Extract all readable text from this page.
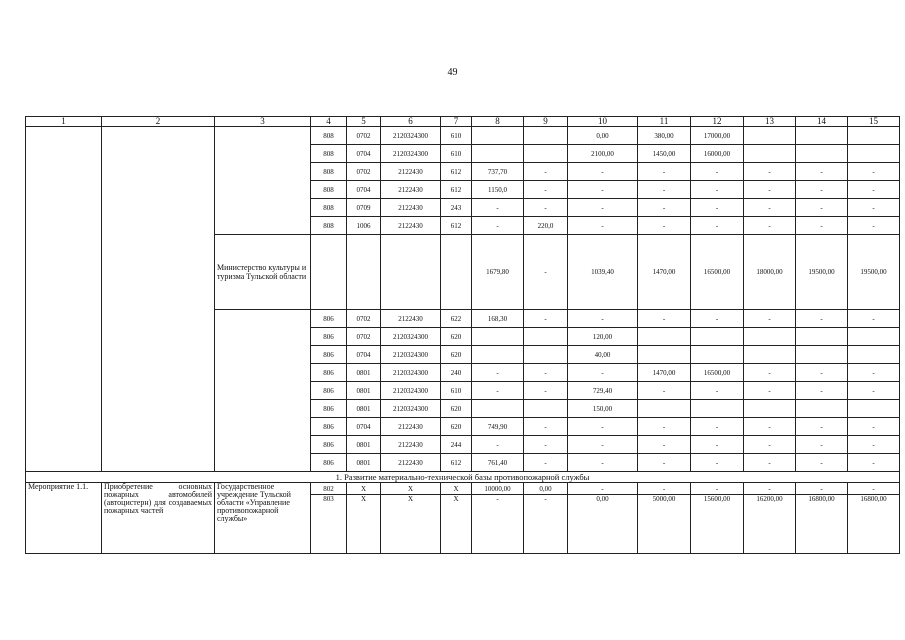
49
1	2	3	4	5	6	7	8	9	10	11	12	13	14	15
			808	0702	2120324300	610			0,00	380,00	17000,00			
			808	0704	2120324300	610			2100,00	1450,00	16000,00			
			808	0702	2122430	612	737,70	-	-	-	-	-	-	-
			808	0704	2122430	612	1150,0	-	-	-	-	-	-	-
			808	0709	2122430	243	-	-	-	-	-	-	-	-
			808	1006	2122430	612	-	220,0	-	-	-	-	-	-
		Министерство культуры и туризма Тульской области					1679,80	-	1039,40	1470,00	16500,00	18000,00	19500,00	19500,00
			806	0702	2122430	622	168,30	-	-	-	-	-	-	-
			806	0702	2120324300	620			120,00					
			806	0704	2120324300	620			40,00					
			806	0801	2120324300	240	-	-	-	1470,00	16500,00	-	-	-
			806	0801	2120324300	610	-	-	729,40	-	-	-	-	-
			806	0801	2120324300	620			150,00					
			806	0704	2122430	620	749,90	-	-	-	-	-	-	-
			806	0801	2122430	244	-	-	-	-	-	-	-	-
			806	0801	2122430	612	761,40	-	-	-	-	-	-	-
1. Развитие материально-технической базы противопожарной службы														
Мероприятие 1.1.	Приобретение основных пожарных автомобилей (автоцистерн) для создаваемых пожарных частей	Государственное учреждение Тульской области «Управление противопожарной службы»	802	X	X	X	10000,00	0,00	-	-	-	-	-	-
			803	X	X	X	-	-	0,00	5000,00	15600,00	16200,00	16800,00	16800,00
